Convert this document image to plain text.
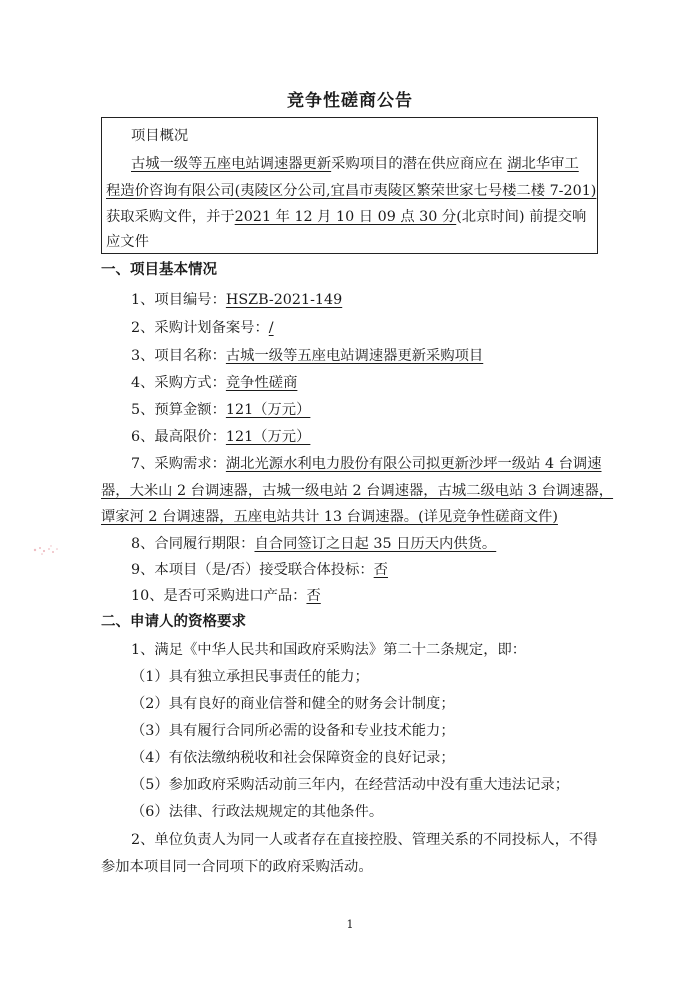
竞争性磋商公告
项目概况
古城一级等五座电站调速器更新采购项目的潜在供应商应在 湖北华审工
程造价咨询有限公司(夷陵区分公司,宜昌市夷陵区繁荣世家七号楼二楼 7-201)
获取采购文件，并于2021 年 12 月 10 日 09 点 30 分(北京时间) 前提交响
应文件
一、项目基本情况
1、项目编号：HSZB-2021-149
2、采购计划备案号：/
3、项目名称：古城一级等五座电站调速器更新采购项目
4、采购方式：竞争性磋商
5、预算金额：121（万元）
6、最高限价：121（万元）
7、采购需求：湖北光源水利电力股份有限公司拟更新沙坪一级站 4 台调速
器，大米山 2 台调速器，古城一级电站 2 台调速器，古城二级电站 3 台调速器，
谭家河 2 台调速器，五座电站共计 13 台调速器。(详见竞争性磋商文件)
8、合同履行期限：自合同签订之日起 35 日历天内供货。
9、本项目（是/否）接受联合体投标：否
10、是否可采购进口产品：否
二、申请人的资格要求
1、满足《中华人民共和国政府采购法》第二十二条规定，即：
（1）具有独立承担民事责任的能力；
（2）具有良好的商业信誉和健全的财务会计制度；
（3）具有履行合同所必需的设备和专业技术能力；
（4）有依法缴纳税收和社会保障资金的良好记录；
（5）参加政府采购活动前三年内，在经营活动中没有重大违法记录；
（6）法律、行政法规规定的其他条件。
2、单位负责人为同一人或者存在直接控股、管理关系的不同投标人，不得
参加本项目同一合同项下的政府采购活动。
1
